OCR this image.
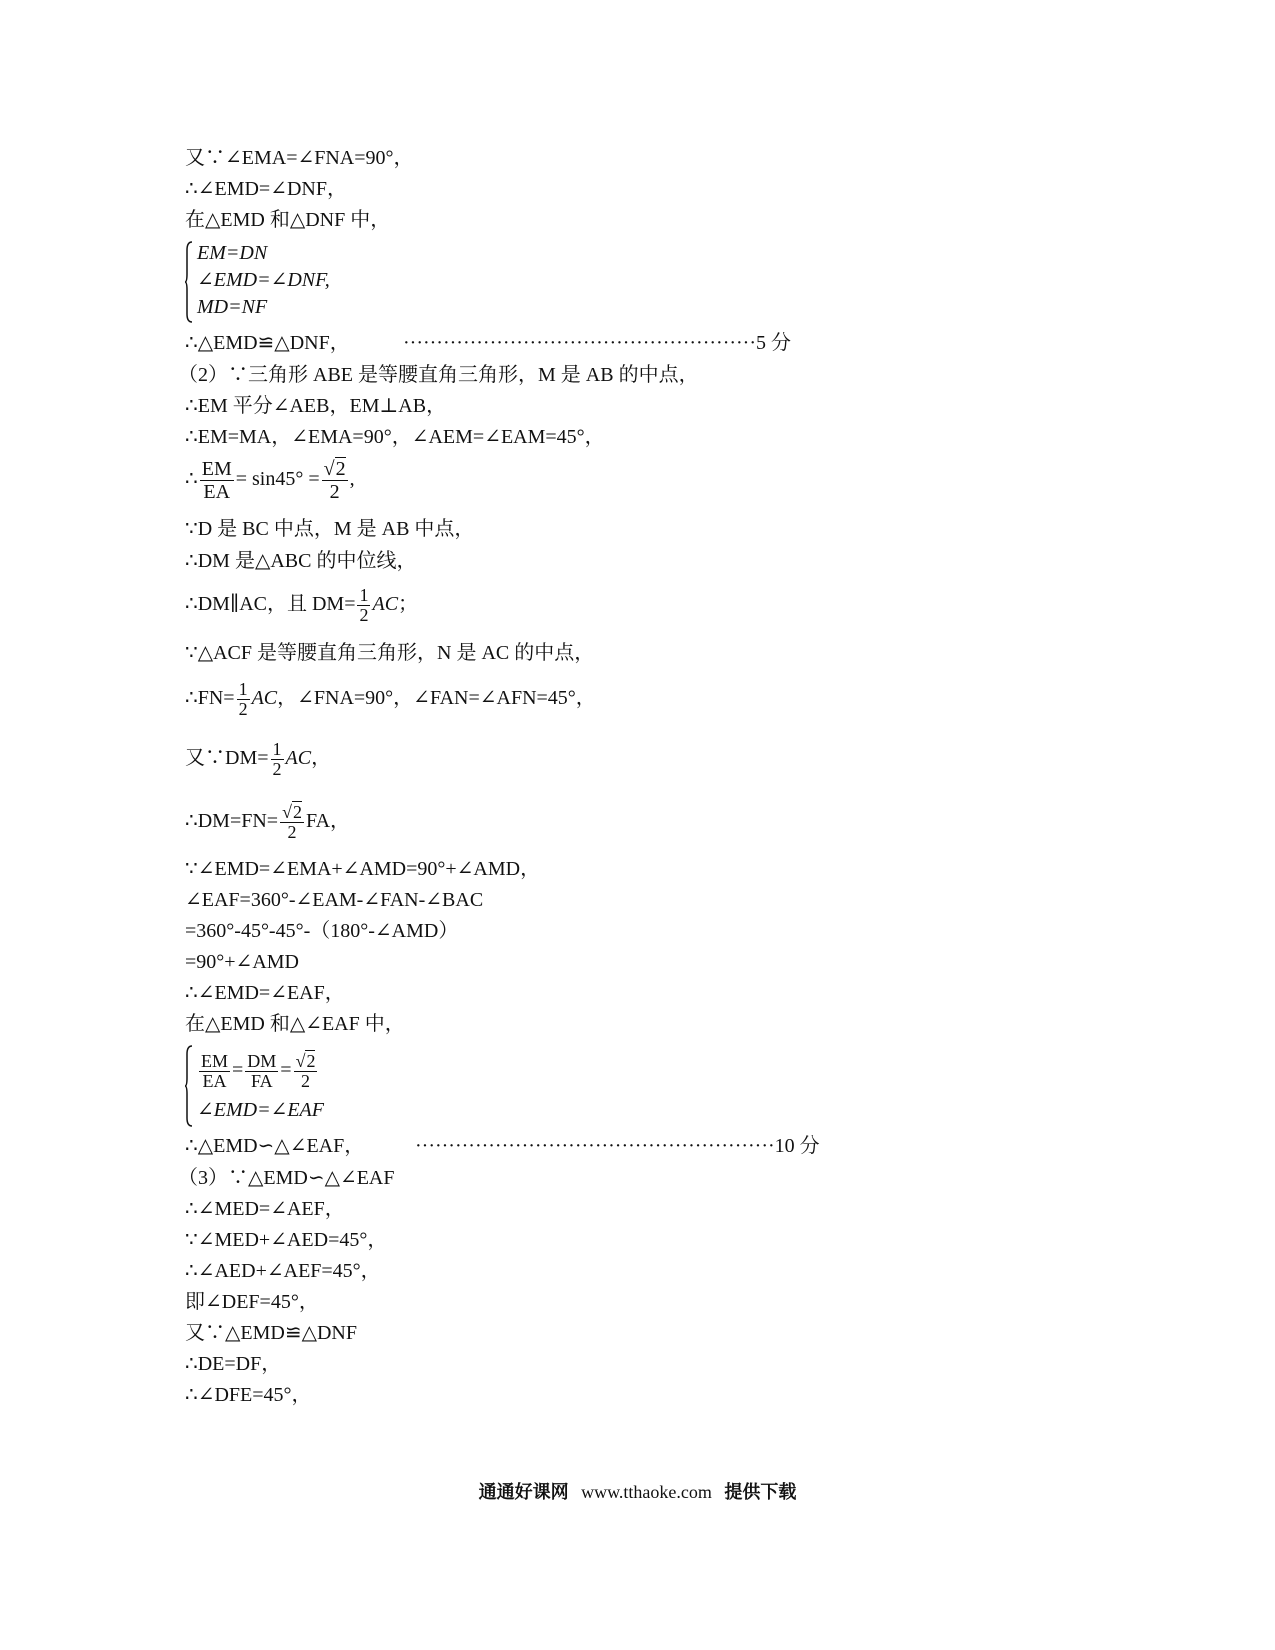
又∵∠EMA=∠FNA=90°，
∴∠EMD=∠DNF，
在△EMD 和△DNF 中，
EM=DN
∠EMD=∠DNF,
MD=NF
∴△EMD≌△DNF，	·····················································5 分
（2）∵三角形 ABE 是等腰直角三角形，M 是 AB 的中点，
∴EM 平分∠AEB，EM⊥AB，
∴EM=MA，∠EMA=90°，∠AEM=∠EAM=45°，
∴ $\frac{EM}{EA} = \sin 45^\circ = \frac{√2}{2}$ ,
∵D 是 BC 中点，M 是 AB 中点，
∴DM 是△ABC 的中位线，
∴DM∥AC，且 $DM= \frac{1}{2}$ AC；
∵△ACF 是等腰直角三角形，N 是 AC 的中点，
∴FN= $\frac{1}{2}$ AC，∠FNA=90°，∠FAN=∠AFN=45°，
又∵DM= $\frac{1}{2}$ AC，
∴DM=FN= $\frac{√2}{2}$ FA，
∵∠EMD=∠EMA+∠AMD=90°+∠AMD，
∠EAF=360°-∠EAM-∠FAN-∠BAC
=360°-45°-45°-（180°-∠AMD）
=90°+∠AMD
∴∠EMD=∠EAF，
在△EMD 和△∠EAF 中，
$\frac{EM}{EA} = \frac{DM}{FA} = \frac{√2}{2}$
∠EMD=∠EAF
∴△EMD∽△∠EAF，	······················································10 分
（3）∵△EMD∽△∠EAF
∴∠MED=∠AEF，
∵∠MED+∠AED=45°，
∴∠AED+∠AEF=45°，
即∠DEF=45°，
又∵△EMD≌△DNF
∴DE=DF，
∴∠DFE=45°，
通通好课网 www.tthaoke.com 提供下载
